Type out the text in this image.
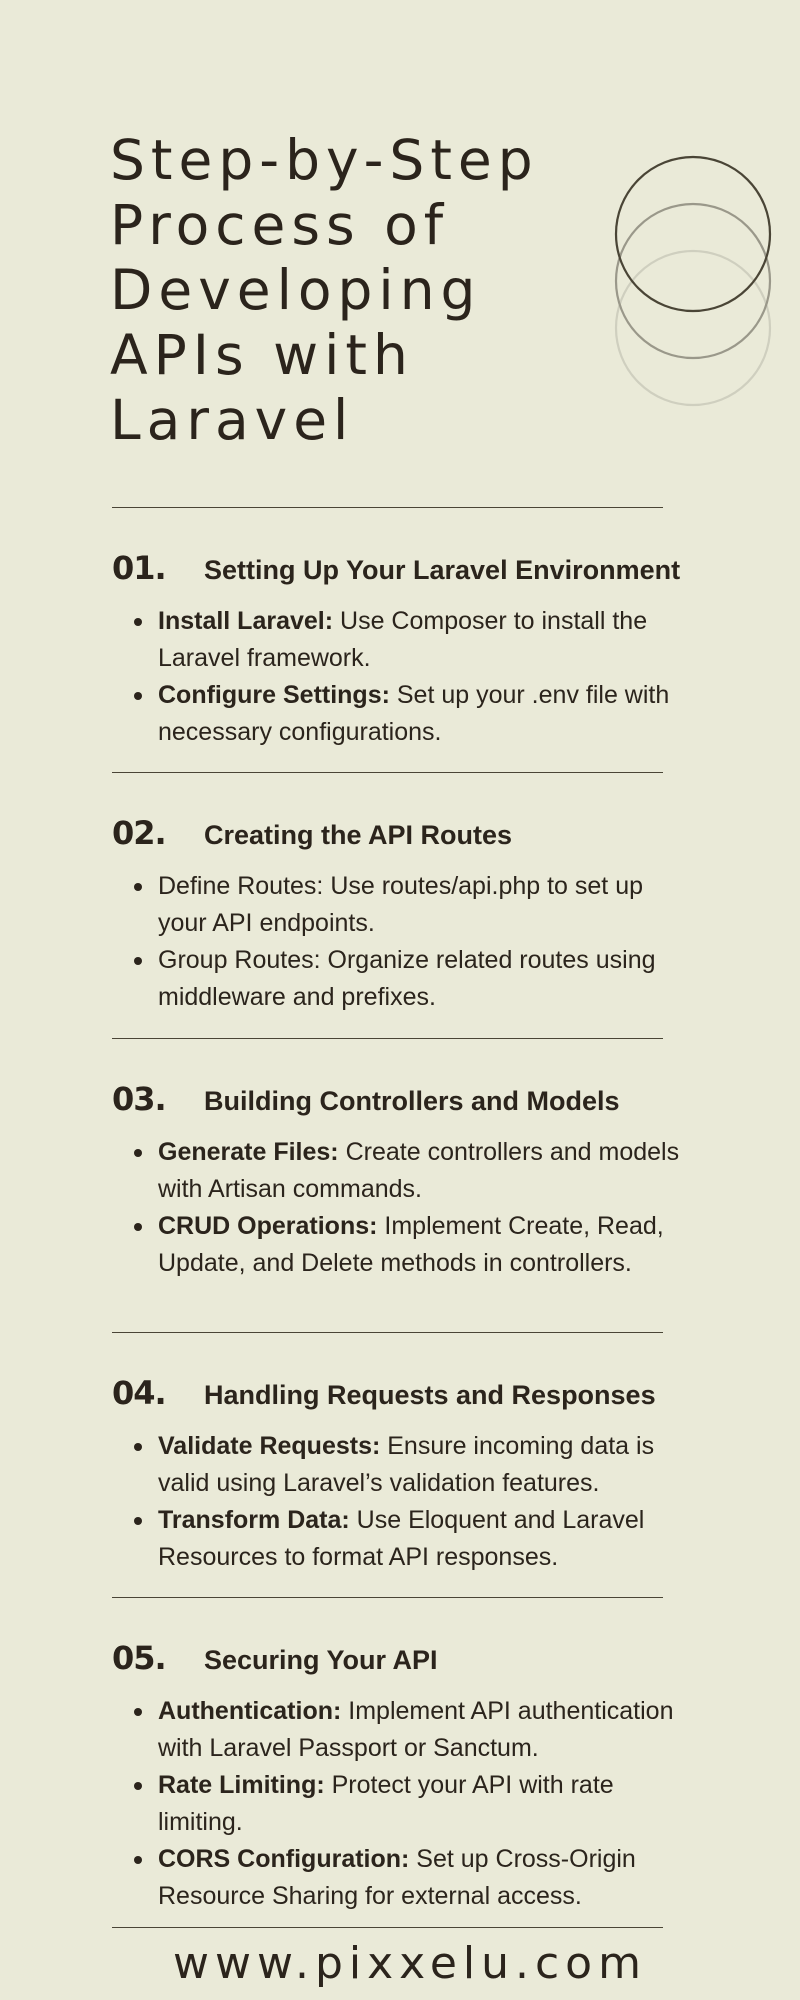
Step-by-Step
Process of
Developing
APIs with
Laravel
01.	Setting Up Your Laravel Environment
Install Laravel: Use Composer to install the Laravel framework.
Configure Settings: Set up your .env file with necessary configurations.
02.	Creating the API Routes
Define Routes: Use routes/api.php to set up your API endpoints.
Group Routes: Organize related routes using middleware and prefixes.
03.	Building Controllers and Models
Generate Files: Create controllers and models with Artisan commands.
CRUD Operations: Implement Create, Read, Update, and Delete methods in controllers.
04.	Handling Requests and Responses
Validate Requests: Ensure incoming data is valid using Laravel’s validation features.
Transform Data: Use Eloquent and Laravel Resources to format API responses.
05.	Securing Your API
Authentication: Implement API authentication with Laravel Passport or Sanctum.
Rate Limiting: Protect your API with rate limiting.
CORS Configuration: Set up Cross-Origin Resource Sharing for external access.
www.pixxelu.com
